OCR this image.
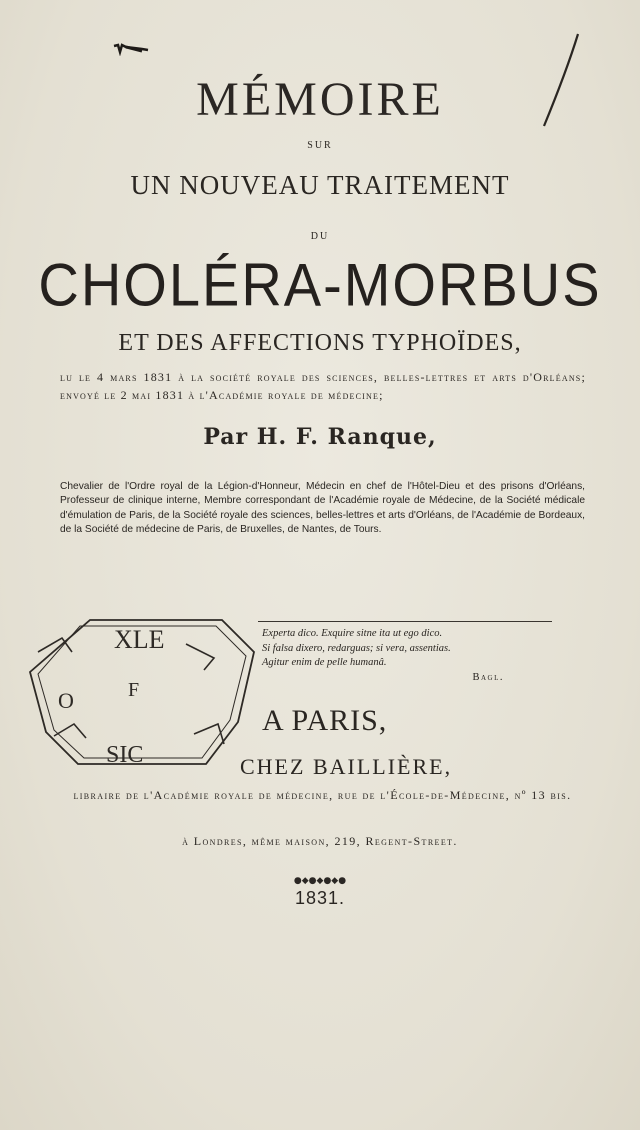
MÉMOIRE
SUR
UN NOUVEAU TRAITEMENT
DU
CHOLÉRA-MORBUS
ET DES AFFECTIONS TYPHOÏDES,
lu le 4 mars 1831 à la société royale des sciences, belles-lettres et arts d'Orléans; envoyé le 2 mai 1831 à l'Académie royale de médecine;
Par H. F. Ranque,
Chevalier de l'Ordre royal de la Légion-d'Honneur, Médecin en chef de l'Hôtel-Dieu et des prisons d'Orléans, Professeur de clinique interne, Membre correspondant de l'Académie royale de Médecine, de la Société médicale d'émulation de Paris, de la Société royale des sciences, belles-lettres et arts d'Orléans, de l'Académie de Bordeaux, de la Société de médecine de Paris, de Bruxelles, de Nantes, de Tours.
Experta dico. Exquire sitne ita ut ego dico.
Si falsa dixero, redarguas; si vera, assentias.
Agitur enim de pelle humanâ.
Bagl.
XLE
O	F
SIC
A PARIS,
CHEZ BAILLIÈRE,
libraire de l'Académie royale de médecine, rue de l'École-de-Médecine, nº 13 bis.
à Londres, même maison, 219, Regent-Street.
●◆●◆●◆●
1831.
